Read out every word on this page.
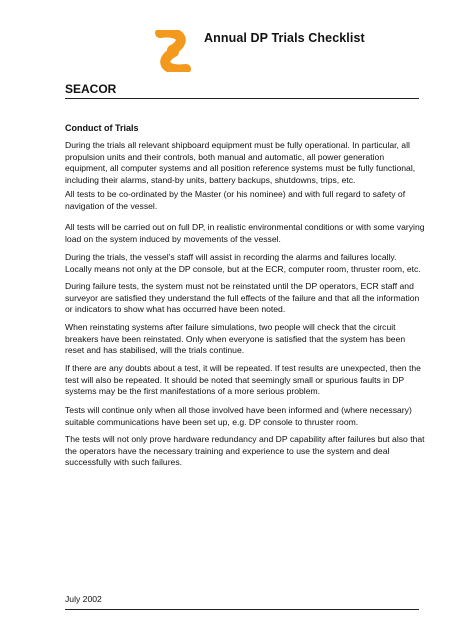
Annual DP Trials Checklist
SEACOR
Conduct of Trials

During the trials all relevant shipboard equipment must be fully operational. In particular, all propulsion units and their controls, both manual and automatic, all power generation equipment, all computer systems and all position reference systems must be fully functional, including their alarms, stand-by units, battery backups, shutdowns, trips, etc.

All tests to be co-ordinated by the Master (or his nominee) and with full regard to safety of navigation of the vessel.

All tests will be carried out on full DP, in realistic environmental conditions or with some varying load on the system induced by movements of the vessel.

During the trials, the vessel’s staff will assist in recording the alarms and failures locally. Locally means not only at the DP console, but at the ECR, computer room, thruster room, etc.

During failure tests, the system must not be reinstated until the DP operators, ECR staff and surveyor are satisfied they understand the full effects of the failure and that all the information or indicators to show what has occurred have been noted.

When reinstating systems after failure simulations, two people will check that the circuit breakers have been reinstated. Only when everyone is satisfied that the system has been reset and has stabilised, will the trials continue.

If there are any doubts about a test, it will be repeated. If test results are unexpected, then the test will also be repeated. It should be noted that seemingly small or spurious faults in DP systems may be the first manifestations of a more serious problem.

Tests will continue only when all those involved have been informed and (where necessary) suitable communications have been set up, e.g. DP console to thruster room.

The tests will not only prove hardware redundancy and DP capability after failures but also that the operators have the necessary training and experience to use the system and deal successfully with such failures.

July 2002
